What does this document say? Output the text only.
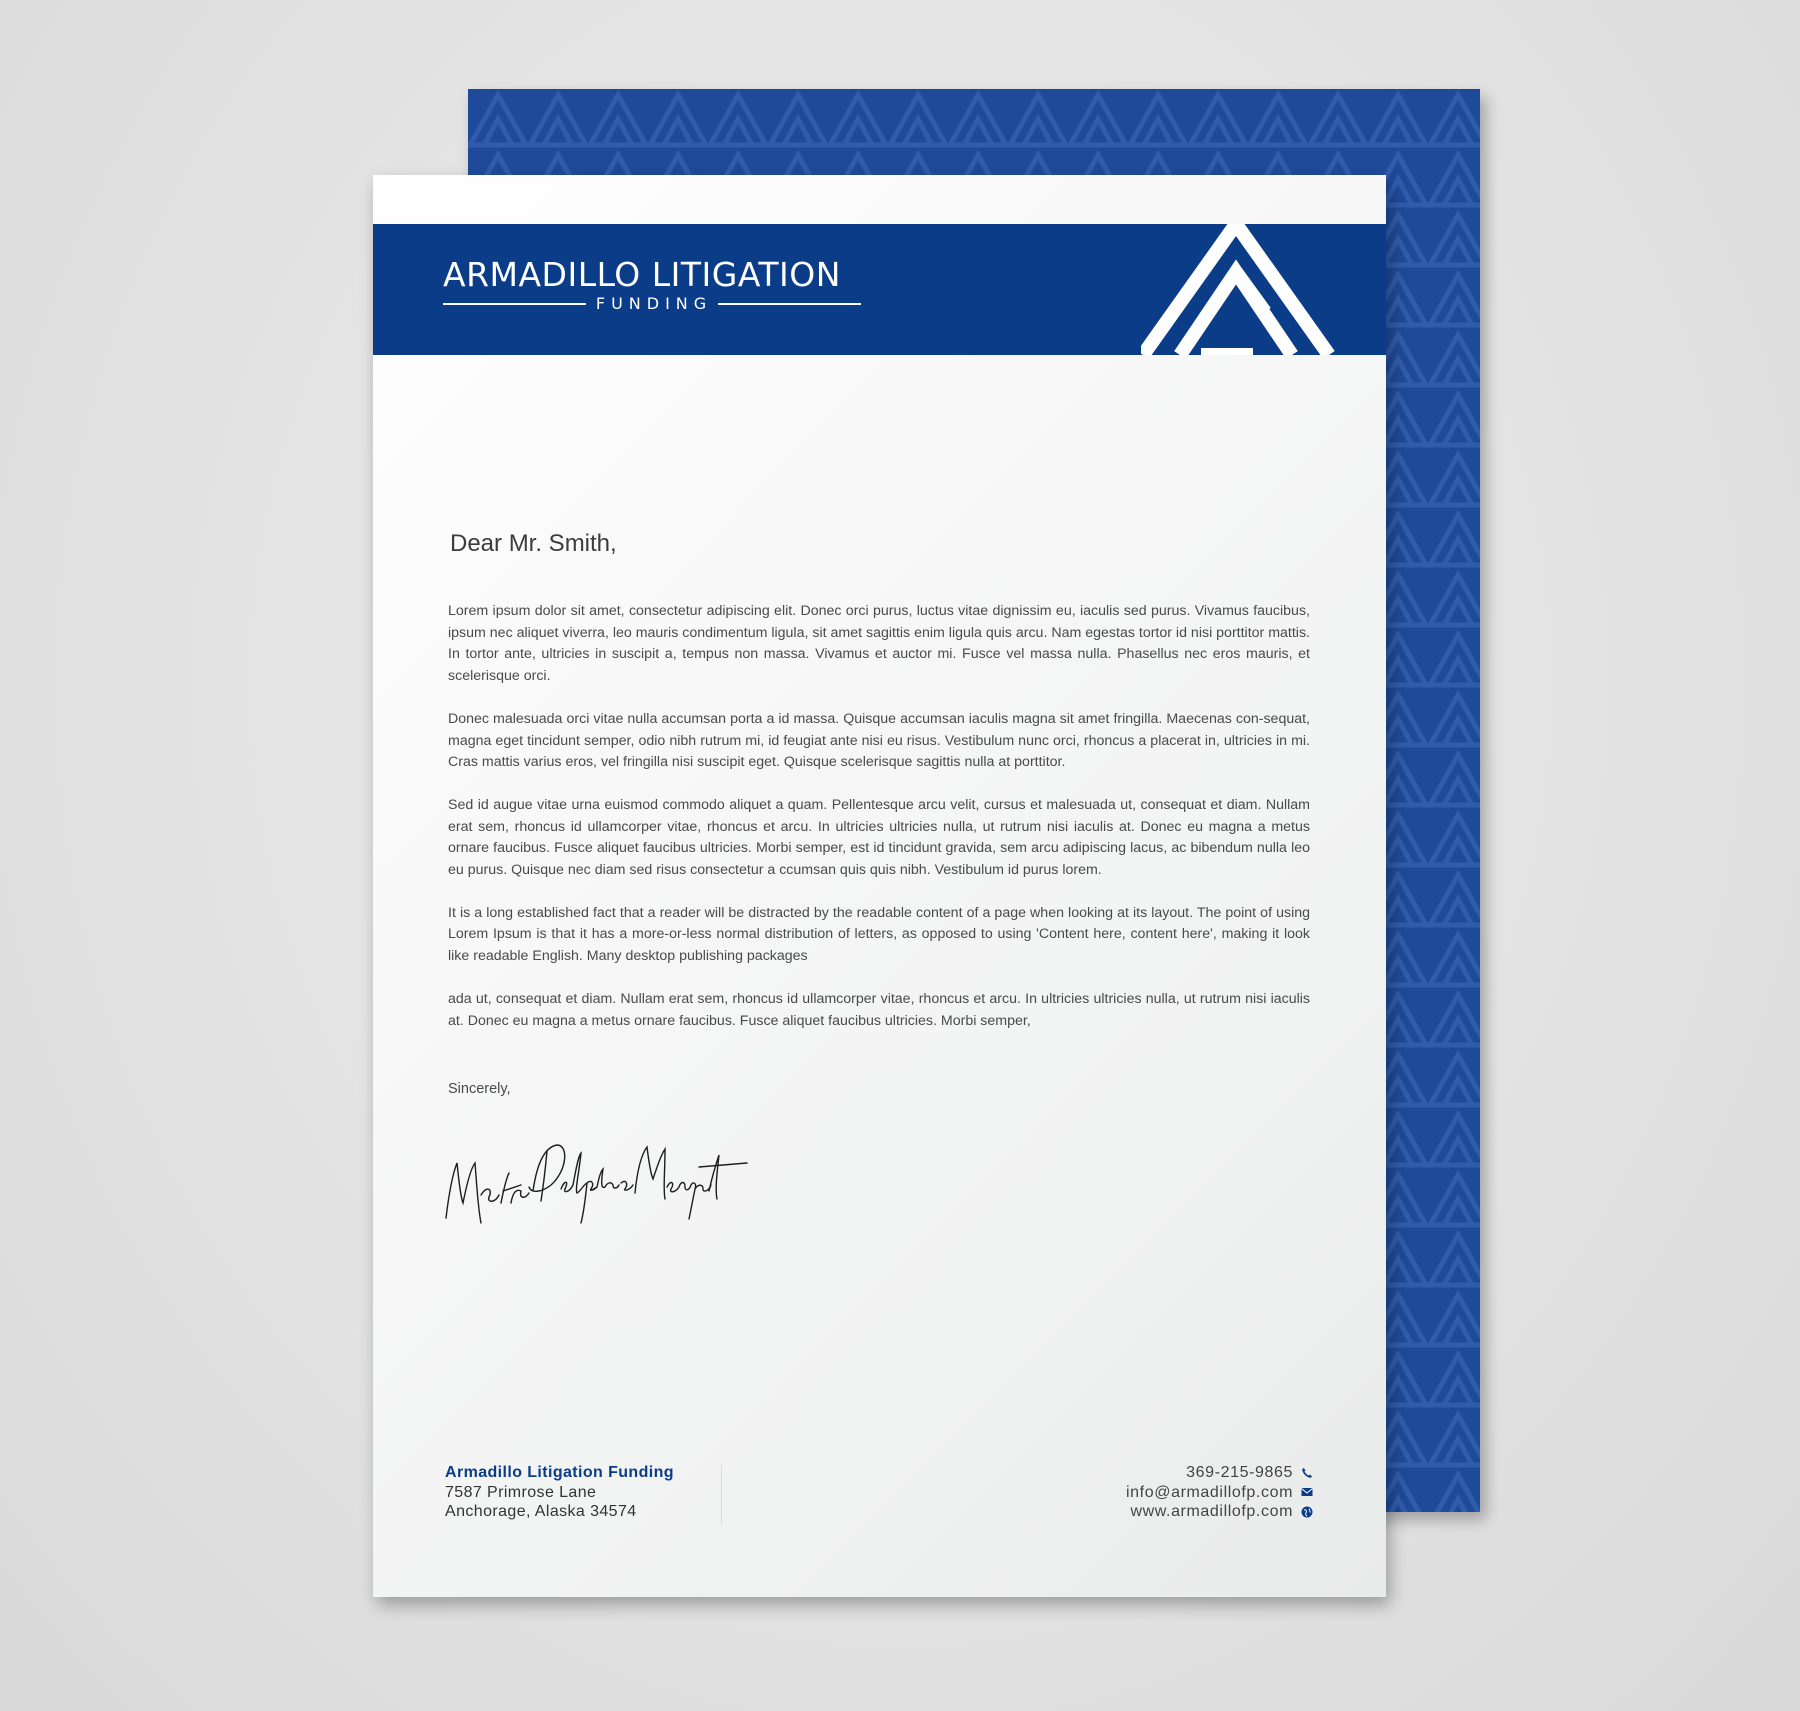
ARMADILLO LITIGATION
FUNDING
Dear Mr. Smith,

Lorem ipsum dolor sit amet, consectetur adipiscing elit. Donec orci purus, luctus vitae dignissim eu, iaculis sed purus. Vivamus faucibus, ipsum nec aliquet viverra, leo mauris condimentum ligula, sit amet sagittis enim ligula quis arcu. Nam egestas tortor id nisi porttitor mattis. In tortor ante, ultricies in suscipit a, tempus non massa. Vivamus et auctor mi. Fusce vel massa nulla. Phasellus nec eros mauris, et scelerisque orci.

Donec malesuada orci vitae nulla accumsan porta a id massa. Quisque accumsan iaculis magna sit amet fringilla. Maecenas con-sequat, magna eget tincidunt semper, odio nibh rutrum mi, id feugiat ante nisi eu risus. Vestibulum nunc orci, rhoncus a placerat in, ultricies in mi. Cras mattis varius eros, vel fringilla nisi suscipit eget. Quisque scelerisque sagittis nulla at porttitor.

Sed id augue vitae urna euismod commodo aliquet a quam. Pellentesque arcu velit, cursus et malesuada ut, consequat et diam. Nullam erat sem, rhoncus id ullamcorper vitae, rhoncus et arcu. In ultricies ultricies nulla, ut rutrum nisi iaculis at. Donec eu magna a metus ornare faucibus. Fusce aliquet faucibus ultricies. Morbi semper, est id tincidunt gravida, sem arcu adipiscing lacus, ac bibendum nulla leo eu purus. Quisque nec diam sed risus consectetur a ccumsan quis quis nibh. Vestibulum id purus lorem.

It is a long established fact that a reader will be distracted by the readable content of a page when looking at its layout. The point of using Lorem Ipsum is that it has a more-or-less normal distribution of letters, as opposed to using 'Content here, content here', making it look like readable English. Many desktop publishing packages

ada ut, consequat et diam. Nullam erat sem, rhoncus id ullamcorper vitae, rhoncus et arcu. In ultricies ultricies nulla, ut rutrum nisi iaculis at. Donec eu magna a metus ornare faucibus. Fusce aliquet faucibus ultricies. Morbi semper,

Sincerely,
Armadillo Litigation Funding
7587 Primrose Lane
Anchorage, Alaska 34574
369-215-9865
info@armadillofp.com
www.armadillofp.com
